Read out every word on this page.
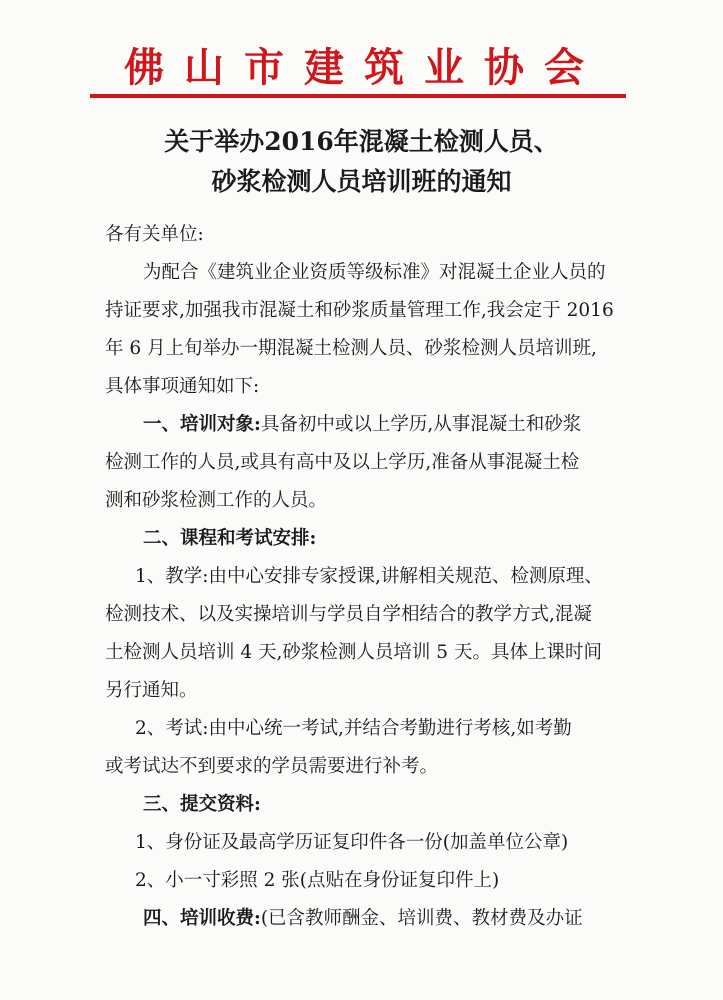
佛山市建筑业协会
关于举办2016年混凝土检测人员、
砂浆检测人员培训班的通知
各有关单位:
为配合《建筑业企业资质等级标准》对混凝土企业人员的
持证要求,加强我市混凝土和砂浆质量管理工作,我会定于 2016
年 6 月上旬举办一期混凝土检测人员、砂浆检测人员培训班,
具体事项通知如下:
一、培训对象:具备初中或以上学历,从事混凝土和砂浆
检测工作的人员,或具有高中及以上学历,准备从事混凝土检
测和砂浆检测工作的人员。
二、课程和考试安排:
1、教学:由中心安排专家授课,讲解相关规范、检测原理、
检测技术、以及实操培训与学员自学相结合的教学方式,混凝
土检测人员培训 4 天,砂浆检测人员培训 5 天。具体上课时间
另行通知。
2、考试:由中心统一考试,并结合考勤进行考核,如考勤
或考试达不到要求的学员需要进行补考。
三、提交资料:
1、身份证及最高学历证复印件各一份(加盖单位公章)
2、小一寸彩照 2 张(点贴在身份证复印件上)
四、培训收费:(已含教师酬金、培训费、教材费及办证
